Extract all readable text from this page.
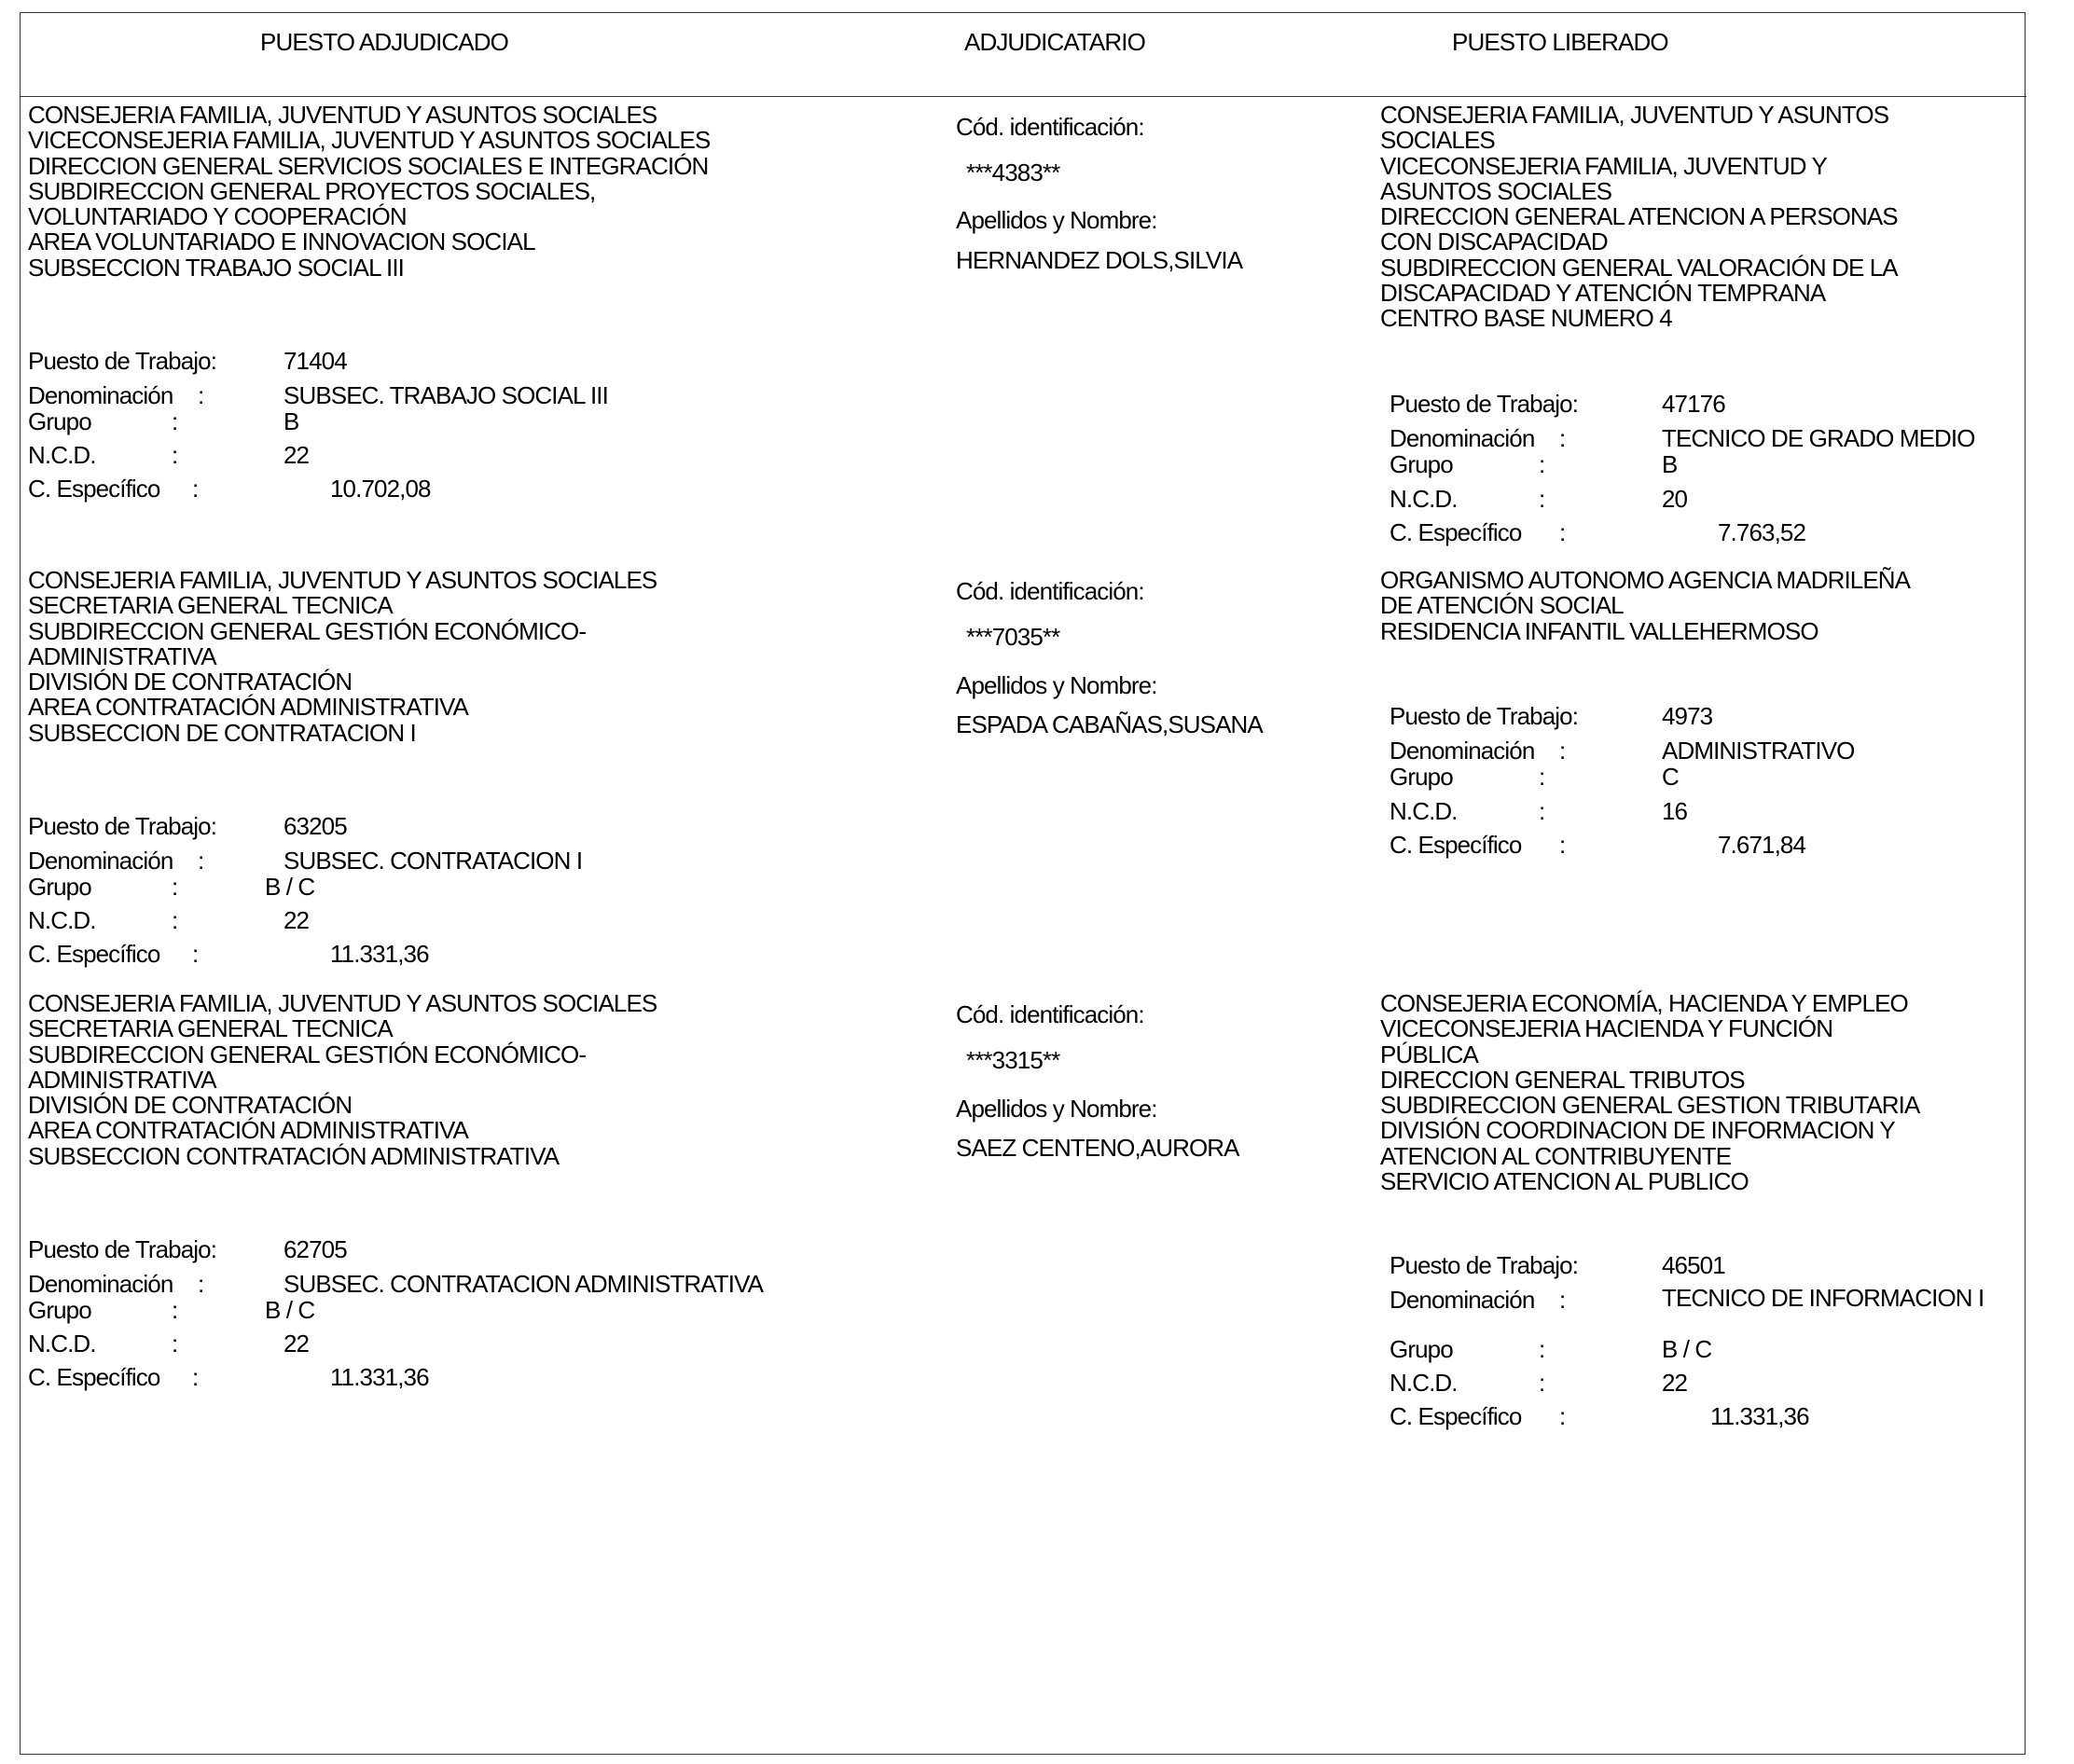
PUESTO ADJUDICADO	ADJUDICATARIO	PUESTO LIBERADO
CONSEJERIA FAMILIA, JUVENTUD Y ASUNTOS SOCIALES
VICECONSEJERIA FAMILIA, JUVENTUD Y ASUNTOS SOCIALES
DIRECCION GENERAL SERVICIOS SOCIALES E INTEGRACIÓN
SUBDIRECCION GENERAL PROYECTOS SOCIALES,
VOLUNTARIADO Y COOPERACIÓN
AREA VOLUNTARIADO E INNOVACION SOCIAL
SUBSECCION TRABAJO SOCIAL III
Puesto de Trabajo:	71404
Denominación :	SUBSEC. TRABAJO SOCIAL III
Grupo	:	B
N.C.D.	:	22
C. Específico :	10.702,08
Cód. identificación:
***4383**
Apellidos y Nombre:
HERNANDEZ DOLS,SILVIA
CONSEJERIA FAMILIA, JUVENTUD Y ASUNTOS
SOCIALES
VICECONSEJERIA FAMILIA, JUVENTUD Y
ASUNTOS SOCIALES
DIRECCION GENERAL ATENCION A PERSONAS
CON DISCAPACIDAD
SUBDIRECCION GENERAL VALORACIÓN DE LA
DISCAPACIDAD Y ATENCIÓN TEMPRANA
CENTRO BASE NUMERO 4
Puesto de Trabajo:	47176
Denominación :	TECNICO DE GRADO MEDIO
Grupo	:	B
N.C.D.	:	20
C. Específico :	7.763,52
CONSEJERIA FAMILIA, JUVENTUD Y ASUNTOS SOCIALES
SECRETARIA GENERAL TECNICA
SUBDIRECCION GENERAL GESTIÓN ECONÓMICO-
ADMINISTRATIVA
DIVISIÓN DE CONTRATACIÓN
AREA CONTRATACIÓN ADMINISTRATIVA
SUBSECCION DE CONTRATACION I
Puesto de Trabajo:	63205
Denominación :	SUBSEC. CONTRATACION I
Grupo	:	B / C
N.C.D.	:	22
C. Específico :	11.331,36
Cód. identificación:
***7035**
Apellidos y Nombre:
ESPADA CABAÑAS,SUSANA
ORGANISMO AUTONOMO AGENCIA MADRILEÑA
DE ATENCIÓN SOCIAL
RESIDENCIA INFANTIL VALLEHERMOSO
Puesto de Trabajo:	4973
Denominación :	ADMINISTRATIVO
Grupo	:	C
N.C.D.	:	16
C. Específico :	7.671,84
CONSEJERIA FAMILIA, JUVENTUD Y ASUNTOS SOCIALES
SECRETARIA GENERAL TECNICA
SUBDIRECCION GENERAL GESTIÓN ECONÓMICO-
ADMINISTRATIVA
DIVISIÓN DE CONTRATACIÓN
AREA CONTRATACIÓN ADMINISTRATIVA
SUBSECCION CONTRATACIÓN ADMINISTRATIVA
Puesto de Trabajo:	62705
Denominación :	SUBSEC. CONTRATACION ADMINISTRATIVA
Grupo	:	B / C
N.C.D.	:	22
C. Específico :	11.331,36
Cód. identificación:
***3315**
Apellidos y Nombre:
SAEZ CENTENO,AURORA
CONSEJERIA ECONOMÍA, HACIENDA Y EMPLEO
VICECONSEJERIA HACIENDA Y FUNCIÓN
PÚBLICA
DIRECCION GENERAL TRIBUTOS
SUBDIRECCION GENERAL GESTION TRIBUTARIA
DIVISIÓN COORDINACION DE INFORMACION Y
ATENCION AL CONTRIBUYENTE
SERVICIO ATENCION AL PUBLICO
Puesto de Trabajo:	46501
Denominación :	TECNICO DE INFORMACION I
Grupo	:	B / C
N.C.D.	:	22
C. Específico :	11.331,36
